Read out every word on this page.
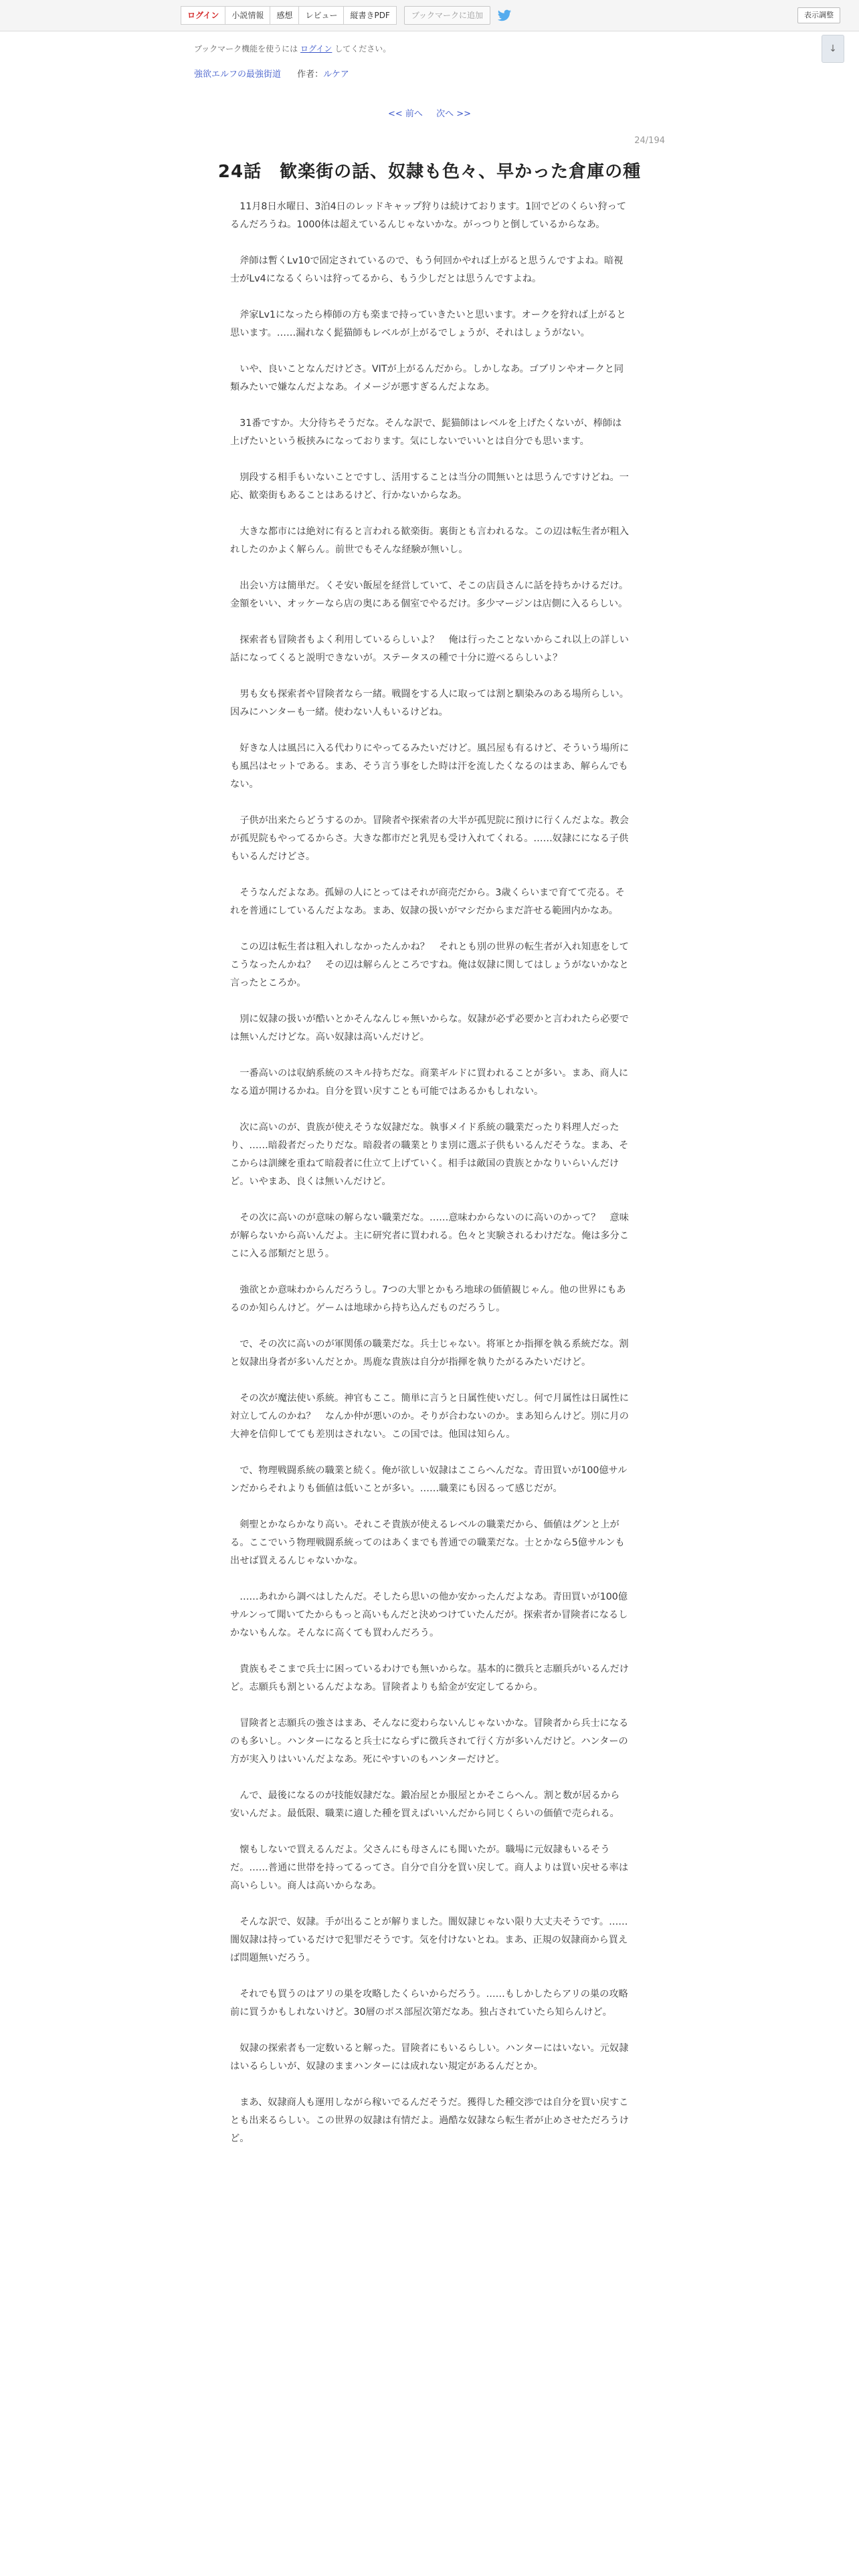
ログイン	小説情報	感想	レビュー	縦書きPDF	ブックマークに追加	表示調整
↓
ブックマーク機能を使うには ログイン してください。
強欲エルフの最強街道 作者：ルケア
<< 前へ 次へ >>
24/194
24話　歓楽街の話、奴隷も色々、早かった倉庫の種

11月8日水曜日、3泊4日のレッドキャップ狩りは続けております。1回でどのくらい狩ってるんだろうね。1000体は超えているんじゃないかな。がっつりと倒しているからなあ。

斧師は暫くLv10で固定されているので、もう何回かやれば上がると思うんですよね。暗視士がLv4になるくらいは狩ってるから、もう少しだとは思うんですよね。

斧家Lv1になったら棒師の方も楽まで持っていきたいと思います。オークを狩れば上がると思います。……漏れなく髭猫師もレベルが上がるでしょうが、それはしょうがない。

いや、良いことなんだけどさ。VITが上がるんだから。しかしなあ。ゴブリンやオークと同類みたいで嫌なんだよなあ。イメージが悪すぎるんだよなあ。

31番ですか。大分待ちそうだな。そんな訳で、髭猫師はレベルを上げたくないが、棒師は上げたいという板挟みになっております。気にしないでいいとは自分でも思います。

別段する相手もいないことですし、活用することは当分の間無いとは思うんですけどね。一応、歓楽街もあることはあるけど、行かないからなあ。

大きな都市には絶対に有ると言われる歓楽街。裏街とも言われるな。この辺は転生者が粗入れしたのかよく解らん。前世でもそんな経験が無いし。

出会い方は簡単だ。くそ安い飯屋を経営していて、そこの店員さんに話を持ちかけるだけ。金額をいい、オッケーなら店の奥にある個室でやるだけ。多少マージンは店側に入るらしい。

探索者も冒険者もよく利用しているらしいよ？　俺は行ったことないからこれ以上の詳しい話になってくると説明できないが。ステータスの種で十分に遊べるらしいよ？

男も女も探索者や冒険者なら一緒。戦闘をする人に取っては割と馴染みのある場所らしい。因みにハンターも一緒。使わない人もいるけどね。

好きな人は風呂に入る代わりにやってるみたいだけど。風呂屋も有るけど、そういう場所にも風呂はセットである。まあ、そう言う事をした時は汗を流したくなるのはまあ、解らんでもない。

子供が出来たらどうするのか。冒険者や探索者の大半が孤児院に預けに行くんだよな。教会が孤児院もやってるからさ。大きな都市だと乳児も受け入れてくれる。……奴隷にになる子供もいるんだけどさ。

そうなんだよなあ。孤婦の人にとってはそれが商売だから。3歳くらいまで育てて売る。それを普通にしているんだよなあ。まあ、奴隷の扱いがマシだからまだ許せる範囲内かなあ。

この辺は転生者は粗入れしなかったんかね？　それとも別の世界の転生者が入れ知恵をしてこうなったんかね？　その辺は解らんところですね。俺は奴隷に関してはしょうがないかなと言ったところか。

別に奴隷の扱いが酷いとかそんなんじゃ無いからな。奴隷が必ず必要かと言われたら必要では無いんだけどな。高い奴隷は高いんだけど。

一番高いのは収納系統のスキル持ちだな。商業ギルドに買われることが多い。まあ、商人になる道が開けるかね。自分を買い戻すことも可能ではあるかもしれない。

次に高いのが、貴族が使えそうな奴隷だな。執事メイド系統の職業だったり料理人だったり、……暗殺者だったりだな。暗殺者の職業とりま別に選ぶ子供もいるんだそうな。まあ、そこからは訓練を重ねて暗殺者に仕立て上げていく。相手は敵国の貴族とかなりいらいんだけど。いやまあ、良くは無いんだけど。

その次に高いのが意味の解らない職業だな。……意味わからないのに高いのかって？　意味が解らないから高いんだよ。主に研究者に買われる。色々と実験されるわけだな。俺は多分ここに入る部類だと思う。

強欲とか意味わからんだろうし。7つの大罪とかもろ地球の価値観じゃん。他の世界にもあるのか知らんけど。ゲームは地球から持ち込んだものだろうし。

で、その次に高いのが軍関係の職業だな。兵士じゃない。将軍とか指揮を執る系統だな。割と奴隷出身者が多いんだとか。馬鹿な貴族は自分が指揮を執りたがるみたいだけど。

その次が魔法使い系統。神官もここ。簡単に言うと日属性使いだし。何で月属性は日属性に対立してんのかね？　なんか仲が悪いのか。そりが合わないのか。まあ知らんけど。別に月の大神を信仰してても差別はされない。この国では。他国は知らん。

で、物理戦闘系統の職業と続く。俺が欲しい奴隷はここらへんだな。青田買いが100億サルンだからそれよりも価値は低いことが多い。……職業にも因るって感じだが。

剣聖とかならかなり高い。それこそ貴族が使えるレベルの職業だから、価値はグンと上がる。ここでいう物理戦闘系統ってのはあくまでも普通での職業だな。士とかなら5億サルンも出せば買えるんじゃないかな。

……あれから調べはしたんだ。そしたら思いの他か安かったんだよなあ。青田買いが100億サルンって聞いてたからもっと高いもんだと決めつけていたんだが。探索者か冒険者になるしかないもんな。そんなに高くても買わんだろう。

貴族もそこまで兵士に困っているわけでも無いからな。基本的に徴兵と志願兵がいるんだけど。志願兵も割といるんだよなあ。冒険者よりも給金が安定してるから。

冒険者と志願兵の強さはまあ、そんなに変わらないんじゃないかな。冒険者から兵士になるのも多いし。ハンターになると兵士にならずに徴兵されて行く方が多いんだけど。ハンターの方が実入りはいいんだよなあ。死にやすいのもハンターだけど。

んで、最後になるのが技能奴隷だな。鍛冶屋とか服屋とかそこらへん。割と数が居るから安いんだよ。最低限、職業に適した種を買えばいいんだから同じくらいの価値で売られる。

懐もしないで買えるんだよ。父さんにも母さんにも聞いたが。職場に元奴隷もいるそうだ。……普通に世帯を持ってるってさ。自分で自分を買い戻して。商人よりは買い戻せる率は高いらしい。商人は高いからなあ。

そんな訳で、奴隷。手が出ることが解りました。闇奴隷じゃない限り大丈夫そうです。……闇奴隷は持っているだけで犯罪だそうです。気を付けないとね。まあ、正規の奴隷商から買えば問題無いだろう。

それでも買うのはアリの巣を攻略したくらいからだろう。……もしかしたらアリの巣の攻略前に買うかもしれないけど。30層のボス部屋次第だなあ。独占されていたら知らんけど。

奴隷の探索者も一定数いると解った。冒険者にもいるらしい。ハンターにはいない。元奴隷はいるらしいが、奴隷のままハンターには成れない規定があるんだとか。

まあ、奴隷商人も運用しながら稼いでるんだそうだ。獲得した種交渉では自分を買い戻すことも出来るらしい。この世界の奴隷は有情だよ。過酷な奴隷なら転生者が止めさせただろうけど。
